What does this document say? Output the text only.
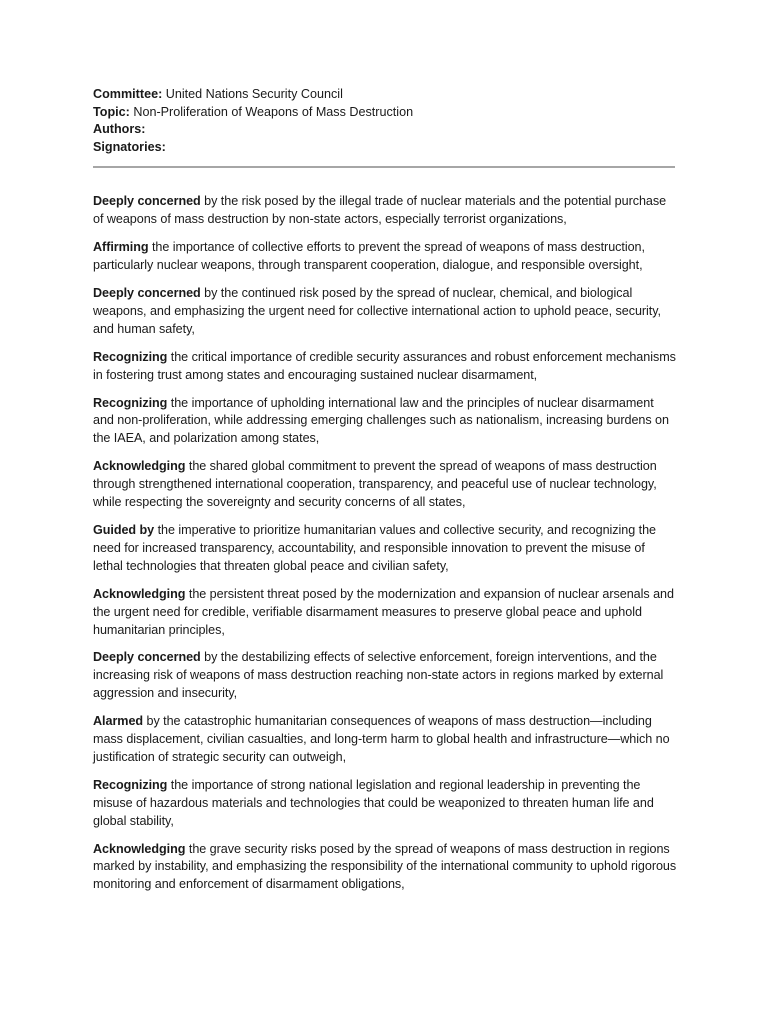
Committee: United Nations Security Council

Topic: Non-Proliferation of Weapons of Mass Destruction

Authors:

Signatories:

Deeply concerned by the risk posed by the illegal trade of nuclear materials and the potential purchase of weapons of mass destruction by non-state actors, especially terrorist organizations,

Affirming the importance of collective efforts to prevent the spread of weapons of mass destruction, particularly nuclear weapons, through transparent cooperation, dialogue, and responsible oversight,

Deeply concerned by the continued risk posed by the spread of nuclear, chemical, and biological weapons, and emphasizing the urgent need for collective international action to uphold peace, security, and human safety,

Recognizing the critical importance of credible security assurances and robust enforcement mechanisms in fostering trust among states and encouraging sustained nuclear disarmament,

Recognizing the importance of upholding international law and the principles of nuclear disarmament and non-proliferation, while addressing emerging challenges such as nationalism, increasing burdens on the IAEA, and polarization among states,

Acknowledging the shared global commitment to prevent the spread of weapons of mass destruction through strengthened international cooperation, transparency, and peaceful use of nuclear technology, while respecting the sovereignty and security concerns of all states,

Guided by the imperative to prioritize humanitarian values and collective security, and recognizing the need for increased transparency, accountability, and responsible innovation to prevent the misuse of lethal technologies that threaten global peace and civilian safety,

Acknowledging the persistent threat posed by the modernization and expansion of nuclear arsenals and the urgent need for credible, verifiable disarmament measures to preserve global peace and uphold humanitarian principles,

Deeply concerned by the destabilizing effects of selective enforcement, foreign interventions, and the increasing risk of weapons of mass destruction reaching non-state actors in regions marked by external aggression and insecurity,

Alarmed by the catastrophic humanitarian consequences of weapons of mass destruction—including mass displacement, civilian casualties, and long-term harm to global health and infrastructure—which no justification of strategic security can outweigh,

Recognizing the importance of strong national legislation and regional leadership in preventing the misuse of hazardous materials and technologies that could be weaponized to threaten human life and global stability,

Acknowledging the grave security risks posed by the spread of weapons of mass destruction in regions marked by instability, and emphasizing the responsibility of the international community to uphold rigorous monitoring and enforcement of disarmament obligations,
